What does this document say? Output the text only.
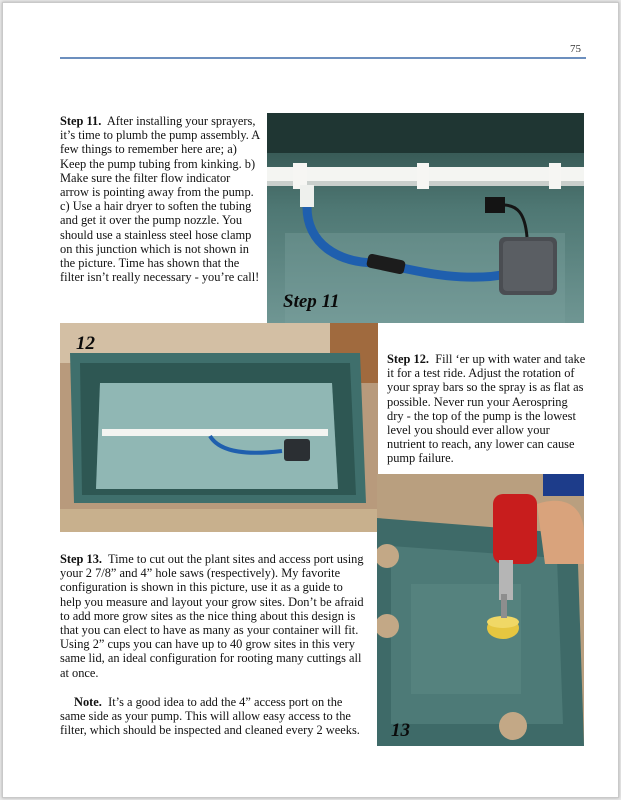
75
Step 11. After installing your sprayers, it’s time to plumb the pump assembly. A few things to remember here are; a) Keep the pump tubing from kinking. b) Make sure the filter flow indicator arrow is pointing away from the pump. c) Use a hair dryer to soften the tubing and get it over the pump nozzle. You should use a stainless steel hose clamp on this junction which is not shown in the picture. Time has shown that the filter isn’t really necessary - you’re call!
Step 11
12
Step 12. Fill ‘er up with water and take it for a test ride. Adjust the rotation of your spray bars so the spray is as flat as possible. Never run your Aerospring dry - the top of the pump is the lowest level you should ever allow your nutrient to reach, any lower can cause pump failure.
13
Step 13. Time to cut out the plant sites and access port using your 2 7/8” and 4” hole saws (respectively). My favorite configuration is shown in this picture, use it as a guide to help you measure and layout your grow sites. Don’t be afraid to add more grow sites as the nice thing about this design is that you can elect to have as many as your container will fit. Using 2” cups you can have up to 40 grow sites in this very same lid, an ideal configuration for rooting many cuttings all at once.
Note. It’s a good idea to add the 4” access port on the same side as your pump. This will allow easy access to the filter, which should be inspected and cleaned every 2 weeks.
